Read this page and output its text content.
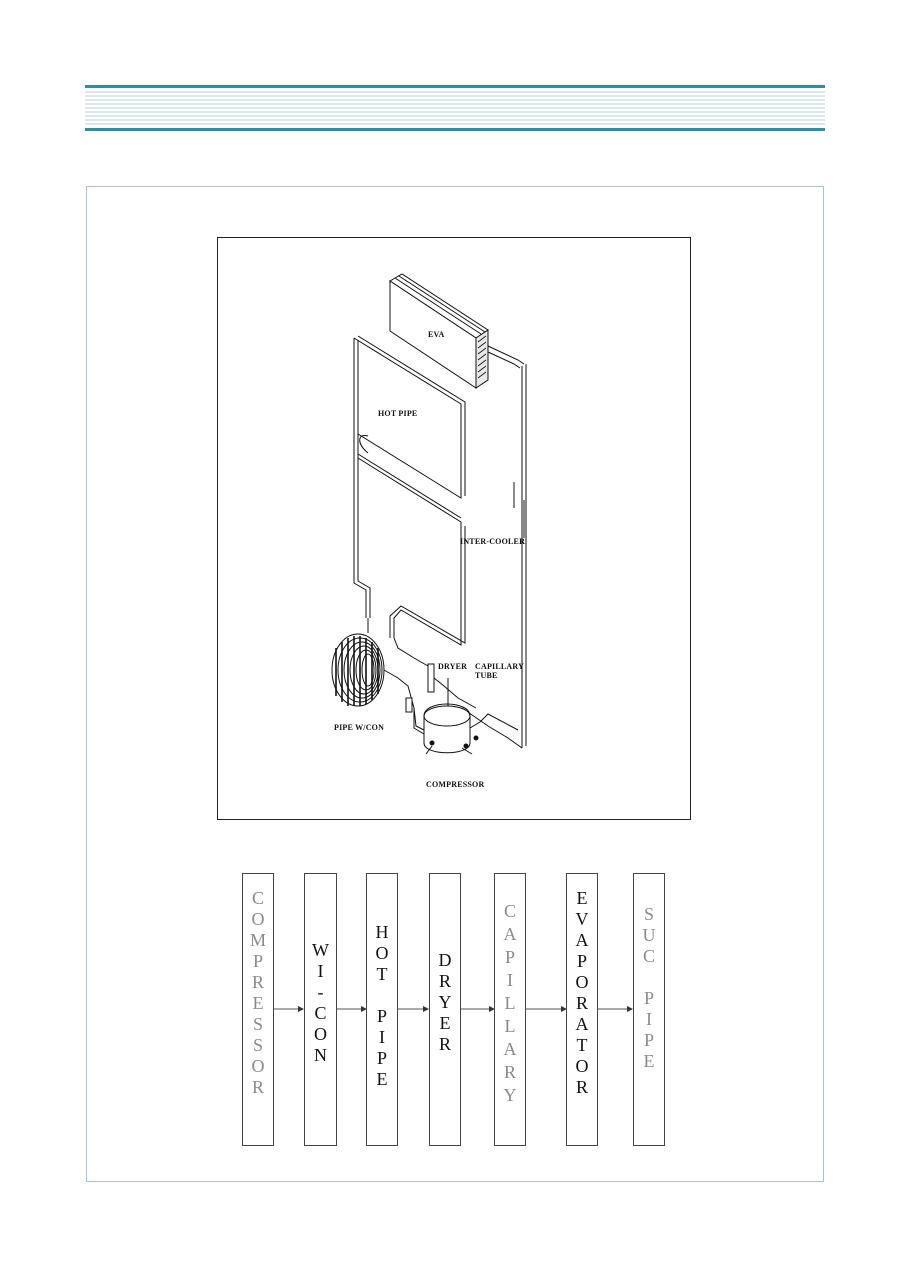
EVA
HOT PIPE
INTER-COOLER
DRYER CAPILLARY
TUBE
PIPE W/CON
COMPRESSOR
C
O
M
P
R
E
S
S
O
R
W
I
-
C
O
N
H
O
T

P
I
P
E
D
R
Y
E
R
C
A
P
I
L
L
A
R
Y
E
V
A
P
O
R
A
T
O
R
S
U
C

P
I
P
E
